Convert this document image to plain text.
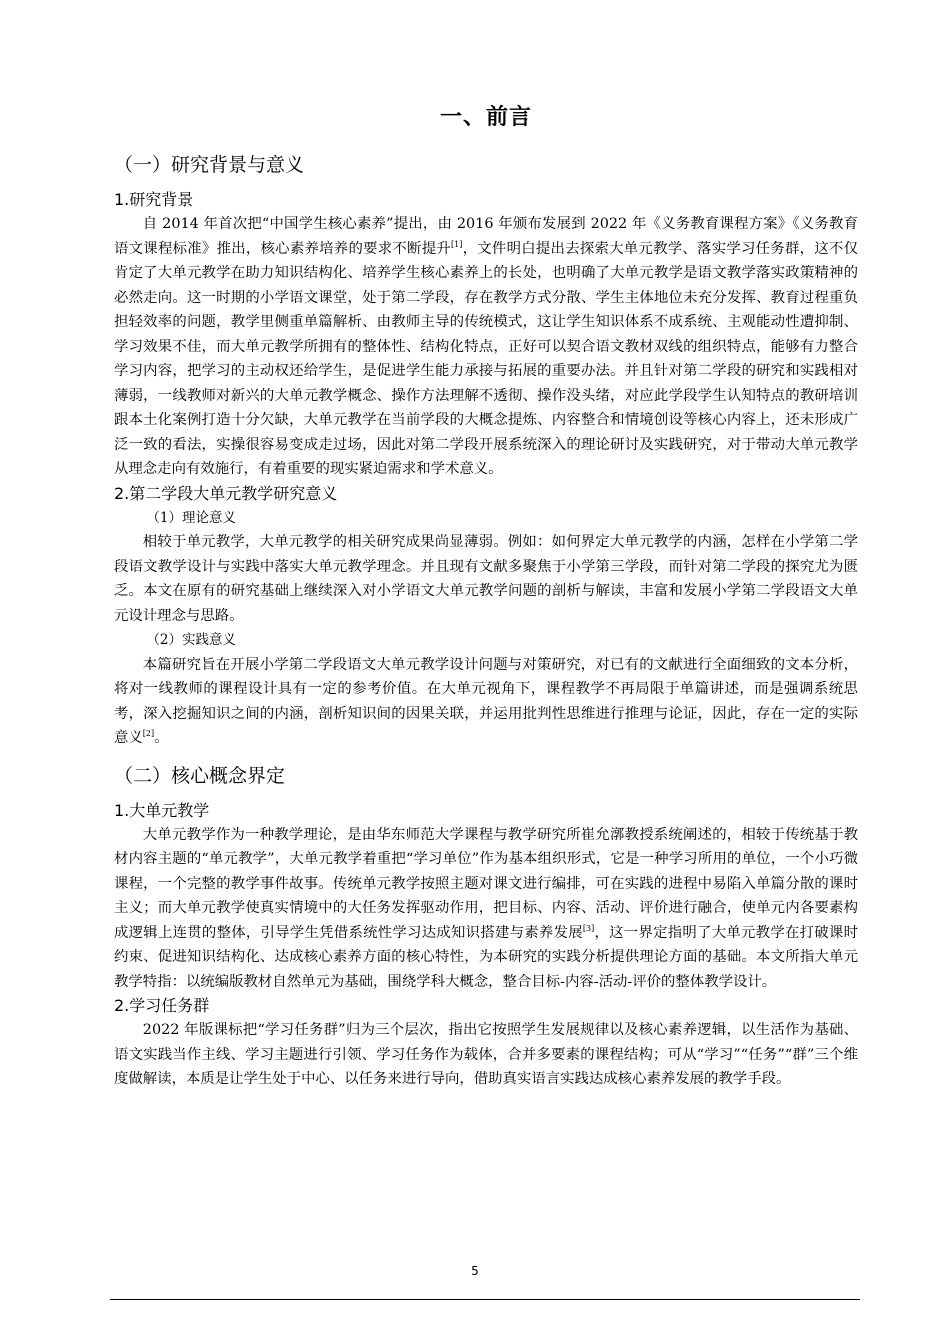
一、前言
（一）研究背景与意义
1.研究背景

自 2014 年首次把“中国学生核心素养”提出，由 2016 年颁布发展到 2022 年《义务教育课程方案》《义务教育语文课程标准》推出，核心素养培养的要求不断提升[1]，文件明白提出去探索大单元教学、落实学习任务群，这不仅肯定了大单元教学在助力知识结构化、培养学生核心素养上的长处，也明确了大单元教学是语文教学落实政策精神的必然走向。这一时期的小学语文课堂，处于第二学段，存在教学方式分散、学生主体地位未充分发挥、教育过程重负担轻效率的问题，教学里侧重单篇解析、由教师主导的传统模式，这让学生知识体系不成系统、主观能动性遭抑制、学习效果不佳，而大单元教学所拥有的整体性、结构化特点，正好可以契合语文教材双线的组织特点，能够有力整合学习内容，把学习的主动权还给学生，是促进学生能力承接与拓展的重要办法。并且针对第二学段的研究和实践相对薄弱，一线教师对新兴的大单元教学概念、操作方法理解不透彻、操作没头绪，对应此学段学生认知特点的教研培训跟本土化案例打造十分欠缺，大单元教学在当前学段的大概念提炼、内容整合和情境创设等核心内容上，还未形成广泛一致的看法，实操很容易变成走过场，因此对第二学段开展系统深入的理论研讨及实践研究，对于带动大单元教学从理念走向有效施行，有着重要的现实紧迫需求和学术意义。

2.第二学段大单元教学研究意义
（1）理论意义

相较于单元教学，大单元教学的相关研究成果尚显薄弱。例如：如何界定大单元教学的内涵，怎样在小学第二学段语文教学设计与实践中落实大单元教学理念。并且现有文献多聚焦于小学第三学段，而针对第二学段的探究尤为匮乏。本文在原有的研究基础上继续深入对小学语文大单元教学问题的剖析与解读，丰富和发展小学第二学段语文大单元设计理念与思路。

（2）实践意义

本篇研究旨在开展小学第二学段语文大单元教学设计问题与对策研究，对已有的文献进行全面细致的文本分析，将对一线教师的课程设计具有一定的参考价值。在大单元视角下，课程教学不再局限于单篇讲述，而是强调系统思考，深入挖掘知识之间的内涵，剖析知识间的因果关联，并运用批判性思维进行推理与论证，因此，存在一定的实际意义[2]。

（二）核心概念界定
1.大单元教学

大单元教学作为一种教学理论，是由华东师范大学课程与教学研究所崔允漷教授系统阐述的，相较于传统基于教材内容主题的“单元教学”，大单元教学着重把“学习单位”作为基本组织形式，它是一种学习所用的单位，一个小巧微课程，一个完整的教学事件故事。传统单元教学按照主题对课文进行编排，可在实践的进程中易陷入单篇分散的课时主义；而大单元教学使真实情境中的大任务发挥驱动作用，把目标、内容、活动、评价进行融合，使单元内各要素构成逻辑上连贯的整体，引导学生凭借系统性学习达成知识搭建与素养发展[3]，这一界定指明了大单元教学在打破课时约束、促进知识结构化、达成核心素养方面的核心特性，为本研究的实践分析提供理论方面的基础。本文所指大单元教学特指：以统编版教材自然单元为基础，围绕学科大概念，整合目标-内容-活动-评价的整体教学设计。

2.学习任务群

2022 年版课标把“学习任务群”归为三个层次，指出它按照学生发展规律以及核心素养逻辑，以生活作为基础、语文实践当作主线、学习主题进行引领、学习任务作为载体，合并多要素的课程结构；可从“学习”“任务”“群”三个维度做解读，本质是让学生处于中心、以任务来进行导向，借助真实语言实践达成核心素养发展的教学手段。

5
